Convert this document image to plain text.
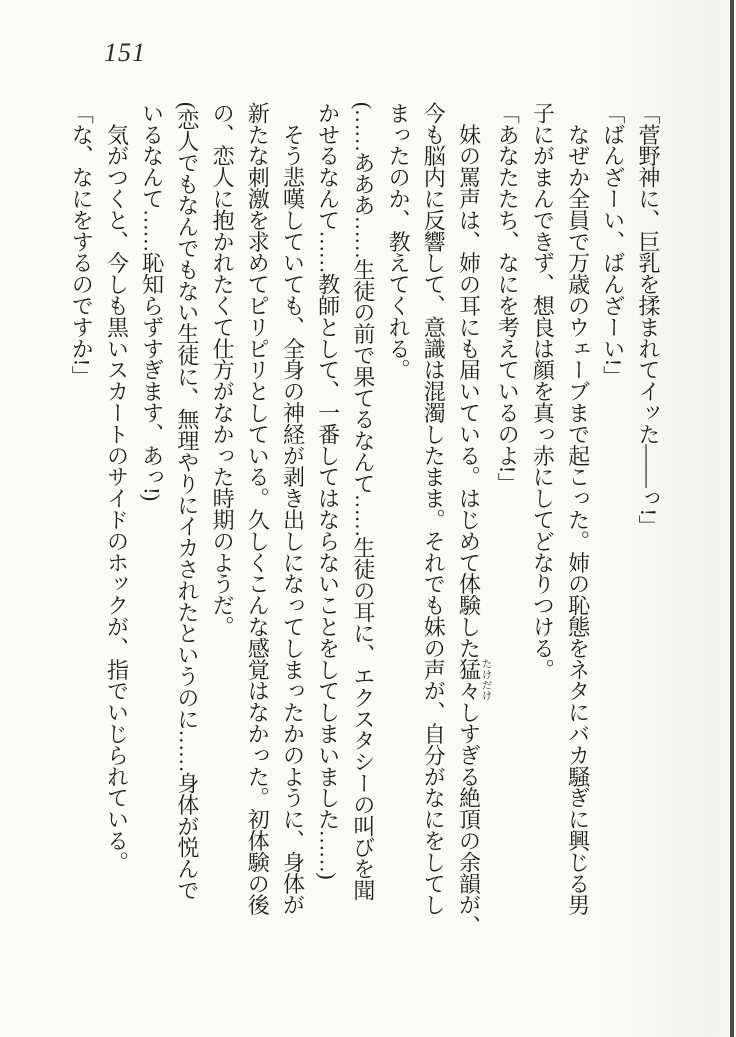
151

「菅野神に、巨乳を揉まれてイッた――っ!」

「ばんざーい、ばんざーい!」

　なぜか全員で万歳のウェーブまで起こった。姉の恥態をネタにバカ騒ぎに興じる男

子にがまんできず、想良は顔を真っ赤にしてどなりつける。

「あなたたち、なにを考えているのよ!」

　妹の罵声は、姉の耳にも届いている。はじめて体験した猛々たけだけしすぎる絶頂の余韻が、

今も脳内に反響して、意識は混濁したまま。それでも妹の声が、自分がなにをしてし

まったのか、教えてくれる。

(……あああ……生徒の前で果てるなんて……生徒の耳に、エクスタシーの叫びを聞

かせるなんて……教師として、一番してはならないことをしてしまいました……)

　そう悲嘆していても、全身の神経が剥き出しになってしまったかのように、身体が

新たな刺激を求めてピリピリとしている。久しくこんな感覚はなかった。初体験の後

の、恋人に抱かれたくて仕方がなかった時期のようだ。

(恋人でもなんでもない生徒に、無理やりにイカされたというのに……身体が悦んで

いるなんて……恥知らずすぎます、あっ!)

　気がつくと、今しも黒いスカートのサイドのホックが、指でいじられている。

「な、なにをするのですか!」
